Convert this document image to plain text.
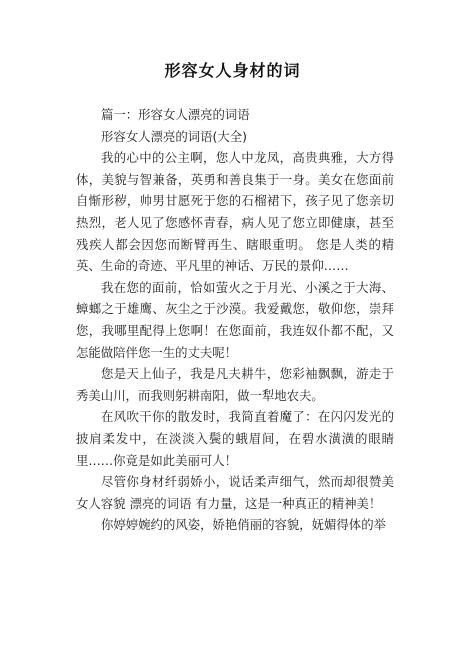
形容女人身材的词

篇一：形容女人漂亮的词语

形容女人漂亮的词语(大全)

我的心中的公主啊，您人中龙凤，高贵典雅，大方得体，美貌与智兼备，英勇和善良集于一身。美女在您面前自惭形秽，帅男甘愿死于您的石榴裙下，孩子见了您亲切热烈，老人见了您感怀青春，病人见了您立即健康，甚至残疾人都会因您而断臂再生、瞎眼重明。 您是人类的精英、生命的奇迹、平凡里的神话、万民的景仰……

我在您的面前，恰如萤火之于月光、小溪之于大海、蟑螂之于雄鹰、灰尘之于沙漠。我爱戴您，敬仰您，崇拜您，我哪里配得上您啊！在您面前，我连奴仆都不配，又怎能做陪伴您一生的丈夫呢！

您是天上仙子，我是凡夫耕牛，您彩袖飘飘，游走于秀美山川，而我则躬耕南阳，做一犁地农夫。

在风吹干你的散发时，我简直着魔了：在闪闪发光的披肩柔发中，在淡淡入鬓的蛾眉间，在碧水潢潢的眼睛里……你竟是如此美丽可人！

尽管你身材纤弱娇小，说话柔声细气，然而却很赞美女人容貌 漂亮的词语 有力量，这是一种真正的精神美！

你婷婷婉约的风姿，娇艳俏丽的容貌，妩媚得体的举
